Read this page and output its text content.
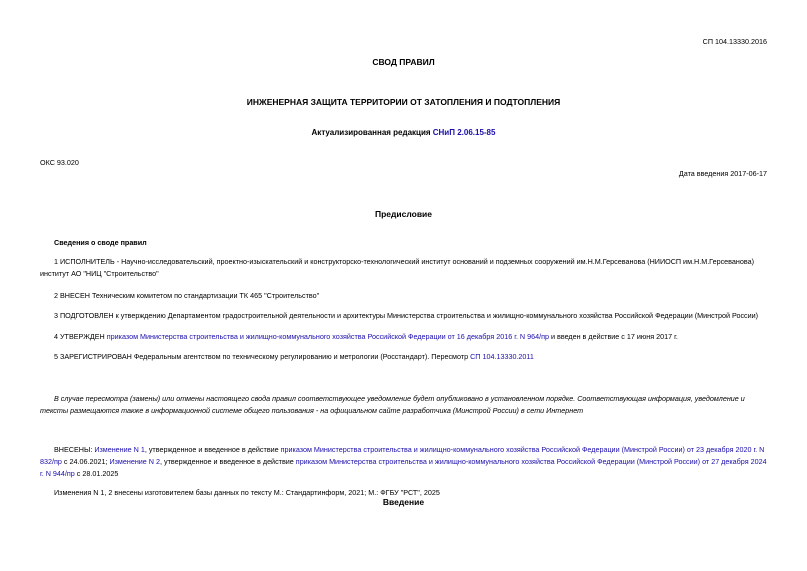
СП 104.13330.2016
СВОД ПРАВИЛ
ИНЖЕНЕРНАЯ ЗАЩИТА ТЕРРИТОРИИ ОТ ЗАТОПЛЕНИЯ И ПОДТОПЛЕНИЯ
Актуализированная редакция СНиП 2.06.15-85
ОКС 93.020
Дата введения 2017-06-17
Предисловие
Сведения о своде правил
1 ИСПОЛНИТЕЛЬ - Научно-исследовательский, проектно-изыскательский и конструкторско-технологический институт оснований и подземных сооружений им.Н.М.Герсеванова (НИИОСП им.Н.М.Герсеванова) институт АО "НИЦ "Строительство"
2 ВНЕСЕН Техническим комитетом по стандартизации ТК 465 "Строительство"
3 ПОДГОТОВЛЕН к утверждению Департаментом градостроительной деятельности и архитектуры Министерства строительства и жилищно-коммунального хозяйства Российской Федерации (Минстрой России)
4 УТВЕРЖДЕН приказом Министерства строительства и жилищно-коммунального хозяйства Российской Федерации от 16 декабря 2016 г. N 964/пр и введен в действие с 17 июня 2017 г.
5 ЗАРЕГИСТРИРОВАН Федеральным агентством по техническому регулированию и метрологии (Росстандарт). Пересмотр СП 104.13330.2011
В случае пересмотра (замены) или отмены настоящего свода правил соответствующее уведомление будет опубликовано в установленном порядке. Соответствующая информация, уведомление и тексты размещаются также в информационной системе общего пользования - на официальном сайте разработчика (Минстрой России) в сети Интернет
ВНЕСЕНЫ: Изменение N 1, утвержденное и введенное в действие приказом Министерства строительства и жилищно-коммунального хозяйства Российской Федерации (Минстрой России) от 23 декабря 2020 г. N 832/пр с 24.06.2021; Изменение N 2, утвержденное и введенное в действие приказом Министерства строительства и жилищно-коммунального хозяйства Российской Федерации (Минстрой России) от 27 декабря 2024 г. N 944/пр с 28.01.2025
Изменения N 1, 2 внесены изготовителем базы данных по тексту М.: Стандартинформ, 2021; М.: ФГБУ "РСТ", 2025
Введение
